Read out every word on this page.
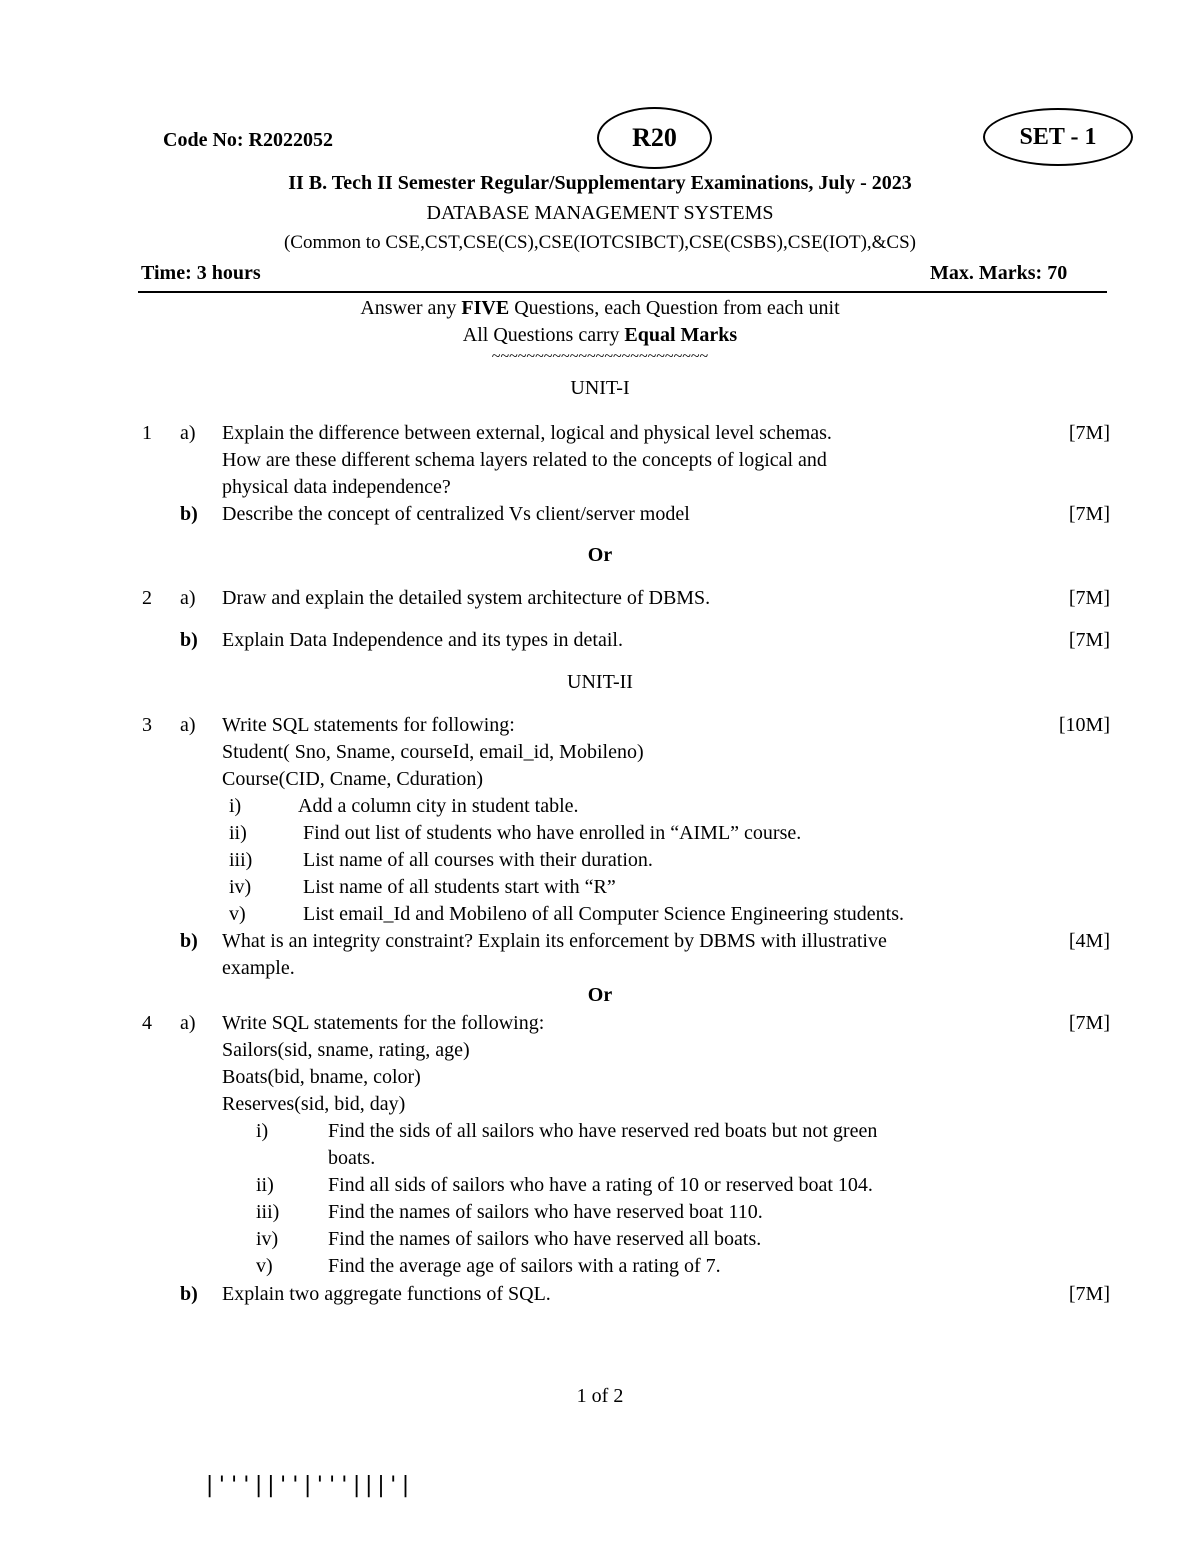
Code No: R2022052	R20	SET - 1
II B. Tech II Semester Regular/Supplementary Examinations, July - 2023
DATABASE MANAGEMENT SYSTEMS
(Common to CSE,CST,CSE(CS),CSE(IOTCSIBCT),CSE(CSBS),CSE(IOT),&CS)
Time: 3 hours	Max. Marks: 70
Answer any FIVE Questions, each Question from each unit
All Questions carry Equal Marks
~~~~~~~~~~~~~~~~~~~~~~~~~
UNIT-I
1 a) Explain the difference between external, logical and physical level schemas.	[7M]
How are these different schema layers related to the concepts of logical and
physical data independence?
b) Describe the concept of centralized Vs client/server model	[7M]
Or
2 a) Draw and explain the detailed system architecture of DBMS.	[7M]
b) Explain Data Independence and its types in detail.	[7M]
UNIT-II
3 a) Write SQL statements for following:	[10M]
Student( Sno, Sname, courseId, email_id, Mobileno)
Course(CID, Cname, Cduration)
i)	Add a column city in student table.
ii)	Find out list of students who have enrolled in “AIML” course.
iii)	List name of all courses with their duration.
iv)	List name of all students start with “R”
v)	List email_Id and Mobileno of all Computer Science Engineering students.
b) What is an integrity constraint? Explain its enforcement by DBMS with illustrative	[4M]
example.
Or
4 a) Write SQL statements for the following:	[7M]
Sailors(sid, sname, rating, age)
Boats(bid, bname, color)
Reserves(sid, bid, day)
i)	Find the sids of all sailors who have reserved red boats but not green
boats.
ii)	Find all sids of sailors who have a rating of 10 or reserved boat 104.
iii) Find the names of sailors who have reserved boat 110.
iv) Find the names of sailors who have reserved all boats.
v)	Find the average age of sailors with a rating of 7.
b) Explain two aggregate functions of SQL.	[7M]
1 of 2
|'''||''|'''|||'|
